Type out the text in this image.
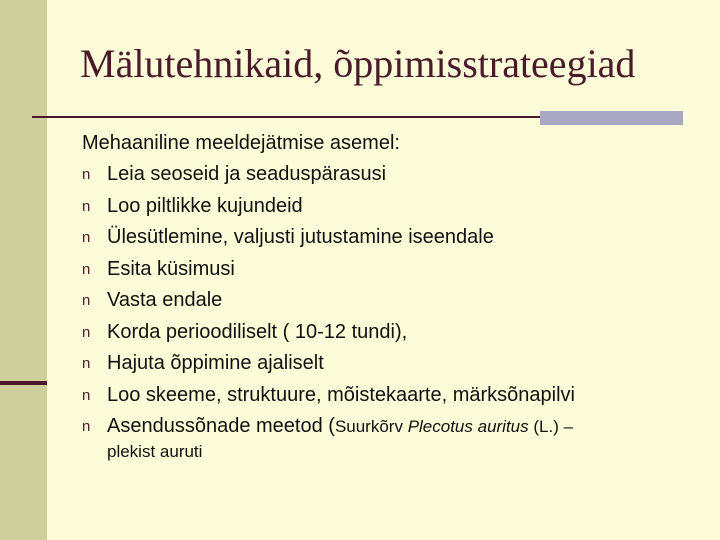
Mälutehnikaid, õppimisstrateegiad
Mehaaniline meeldejätmise asemel:
n Leia seoseid ja seaduspärasusi
n Loo piltlikke kujundeid
n Ülesütlemine, valjusti jutustamine iseendale
n Esita küsimusi
n Vasta endale
n Korda perioodiliselt ( 10-12 tundi),
n Hajuta õppimine ajaliselt
n Loo skeeme, struktuure, mõistekaarte, märksõnapilvi
n Asendussõnade meetod (Suurkõrv Plecotus auritus (L.) –
plekist auruti
